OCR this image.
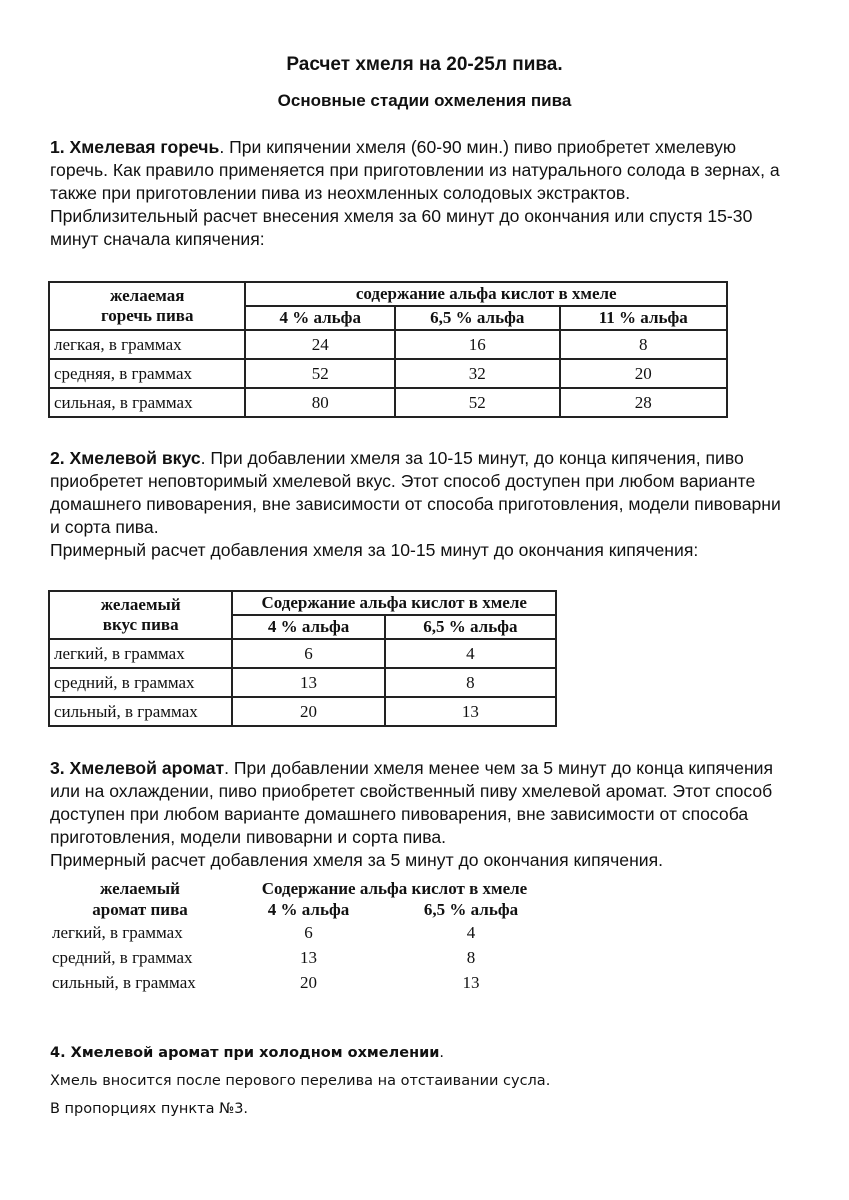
Расчет хмеля на 20-25л пива.
Основные стадии охмеления пива
1. Хмелевая горечь. При кипячении хмеля (60-90 мин.) пиво приобретет хмелевую горечь. Как правило применяется при приготовлении из натурального солода в зернах, а также при приготовлении пива из неохмленных солодовых экстрактов.
Приблизительный расчет внесения хмеля за 60 минут до окончания или спустя 15-30 минут сначала кипячения:
желаемая
горечь пива	содержание альфа кислот в хмеле		
	4 % альфа	6,5 % альфа	11 % альфа
легкая, в граммах	24	16	8
средняя, в граммах	52	32	20
сильная, в граммах	80	52	28
2. Хмелевой вкус. При добавлении хмеля за 10-15 минут, до конца кипячения, пиво приобретет неповторимый хмелевой вкус. Этот способ доступен при любом варианте домашнего пивоварения, вне зависимости от способа приготовления, модели пивоварни и сорта пива.
Примерный расчет добавления хмеля за 10-15 минут до окончания кипячения:
желаемый
вкус пива	Содержание альфа кислот в хмеле	
	4 % альфа	6,5 % альфа
легкий, в граммах	6	4
средний, в граммах	13	8
сильный, в граммах	20	13
3. Хмелевой аромат. При добавлении хмеля менее чем за 5 минут до конца кипячения или на охлаждении, пиво приобретет свойственный пиву хмелевой аромат. Этот способ доступен при любом варианте домашнего пивоварения, вне зависимости от способа приготовления, модели пивоварни и сорта пива.
Примерный расчет добавления хмеля за 5 минут до окончания кипячения.
желаемый	Содержание альфа кислот в хмеле	
аромат пива	4 % альфа	6,5 % альфа
легкий, в граммах	6	4
средний, в граммах	13	8
сильный, в граммах	20	13
4. Хмелевой аромат при холодном охмелении.
Хмель вносится после перового перелива на отстаивании сусла.
В пропорциях пункта №3.
